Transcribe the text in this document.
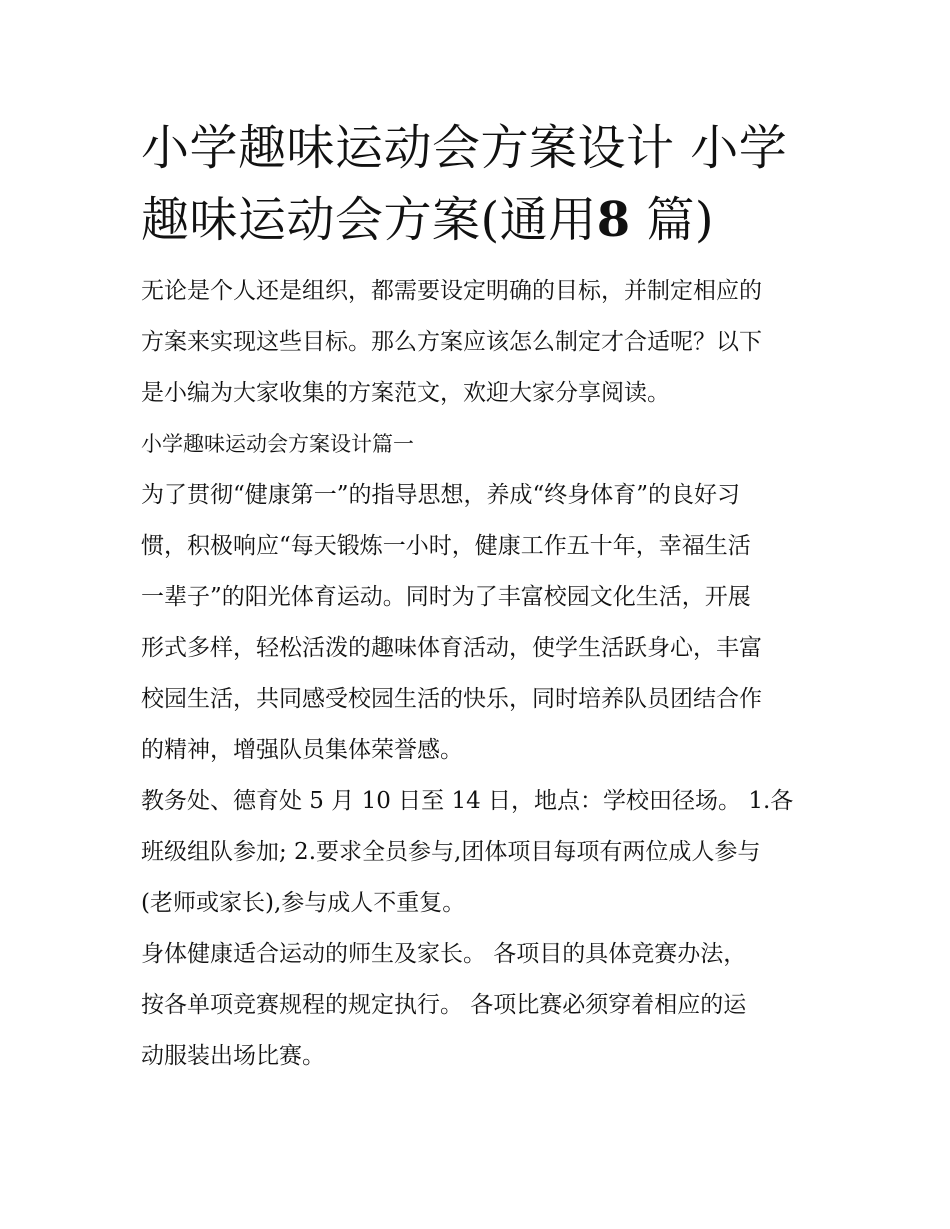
小学趣味运动会方案设计 小学
趣味运动会方案(通用8 篇)
无论是个人还是组织，都需要设定明确的目标，并制定相应的
方案来实现这些目标。那么方案应该怎么制定才合适呢？以下
是小编为大家收集的方案范文，欢迎大家分享阅读。
小学趣味运动会方案设计篇一
为了贯彻“健康第一”的指导思想，养成“终身体育”的良好习
惯，积极响应“每天锻炼一小时，健康工作五十年，幸福生活
一辈子”的阳光体育运动。同时为了丰富校园文化生活，开展
形式多样，轻松活泼的趣味体育活动，使学生活跃身心，丰富
校园生活，共同感受校园生活的快乐，同时培养队员团结合作
的精神，增强队员集体荣誉感。
教务处、德育处 5 月 10 日至 14 日，地点：学校田径场。 1.各
班级组队参加; 2.要求全员参与,团体项目每项有两位成人参与
(老师或家长),参与成人不重复。
身体健康适合运动的师生及家长。 各项目的具体竞赛办法，
按各单项竞赛规程的规定执行。 各项比赛必须穿着相应的运
动服装出场比赛。
